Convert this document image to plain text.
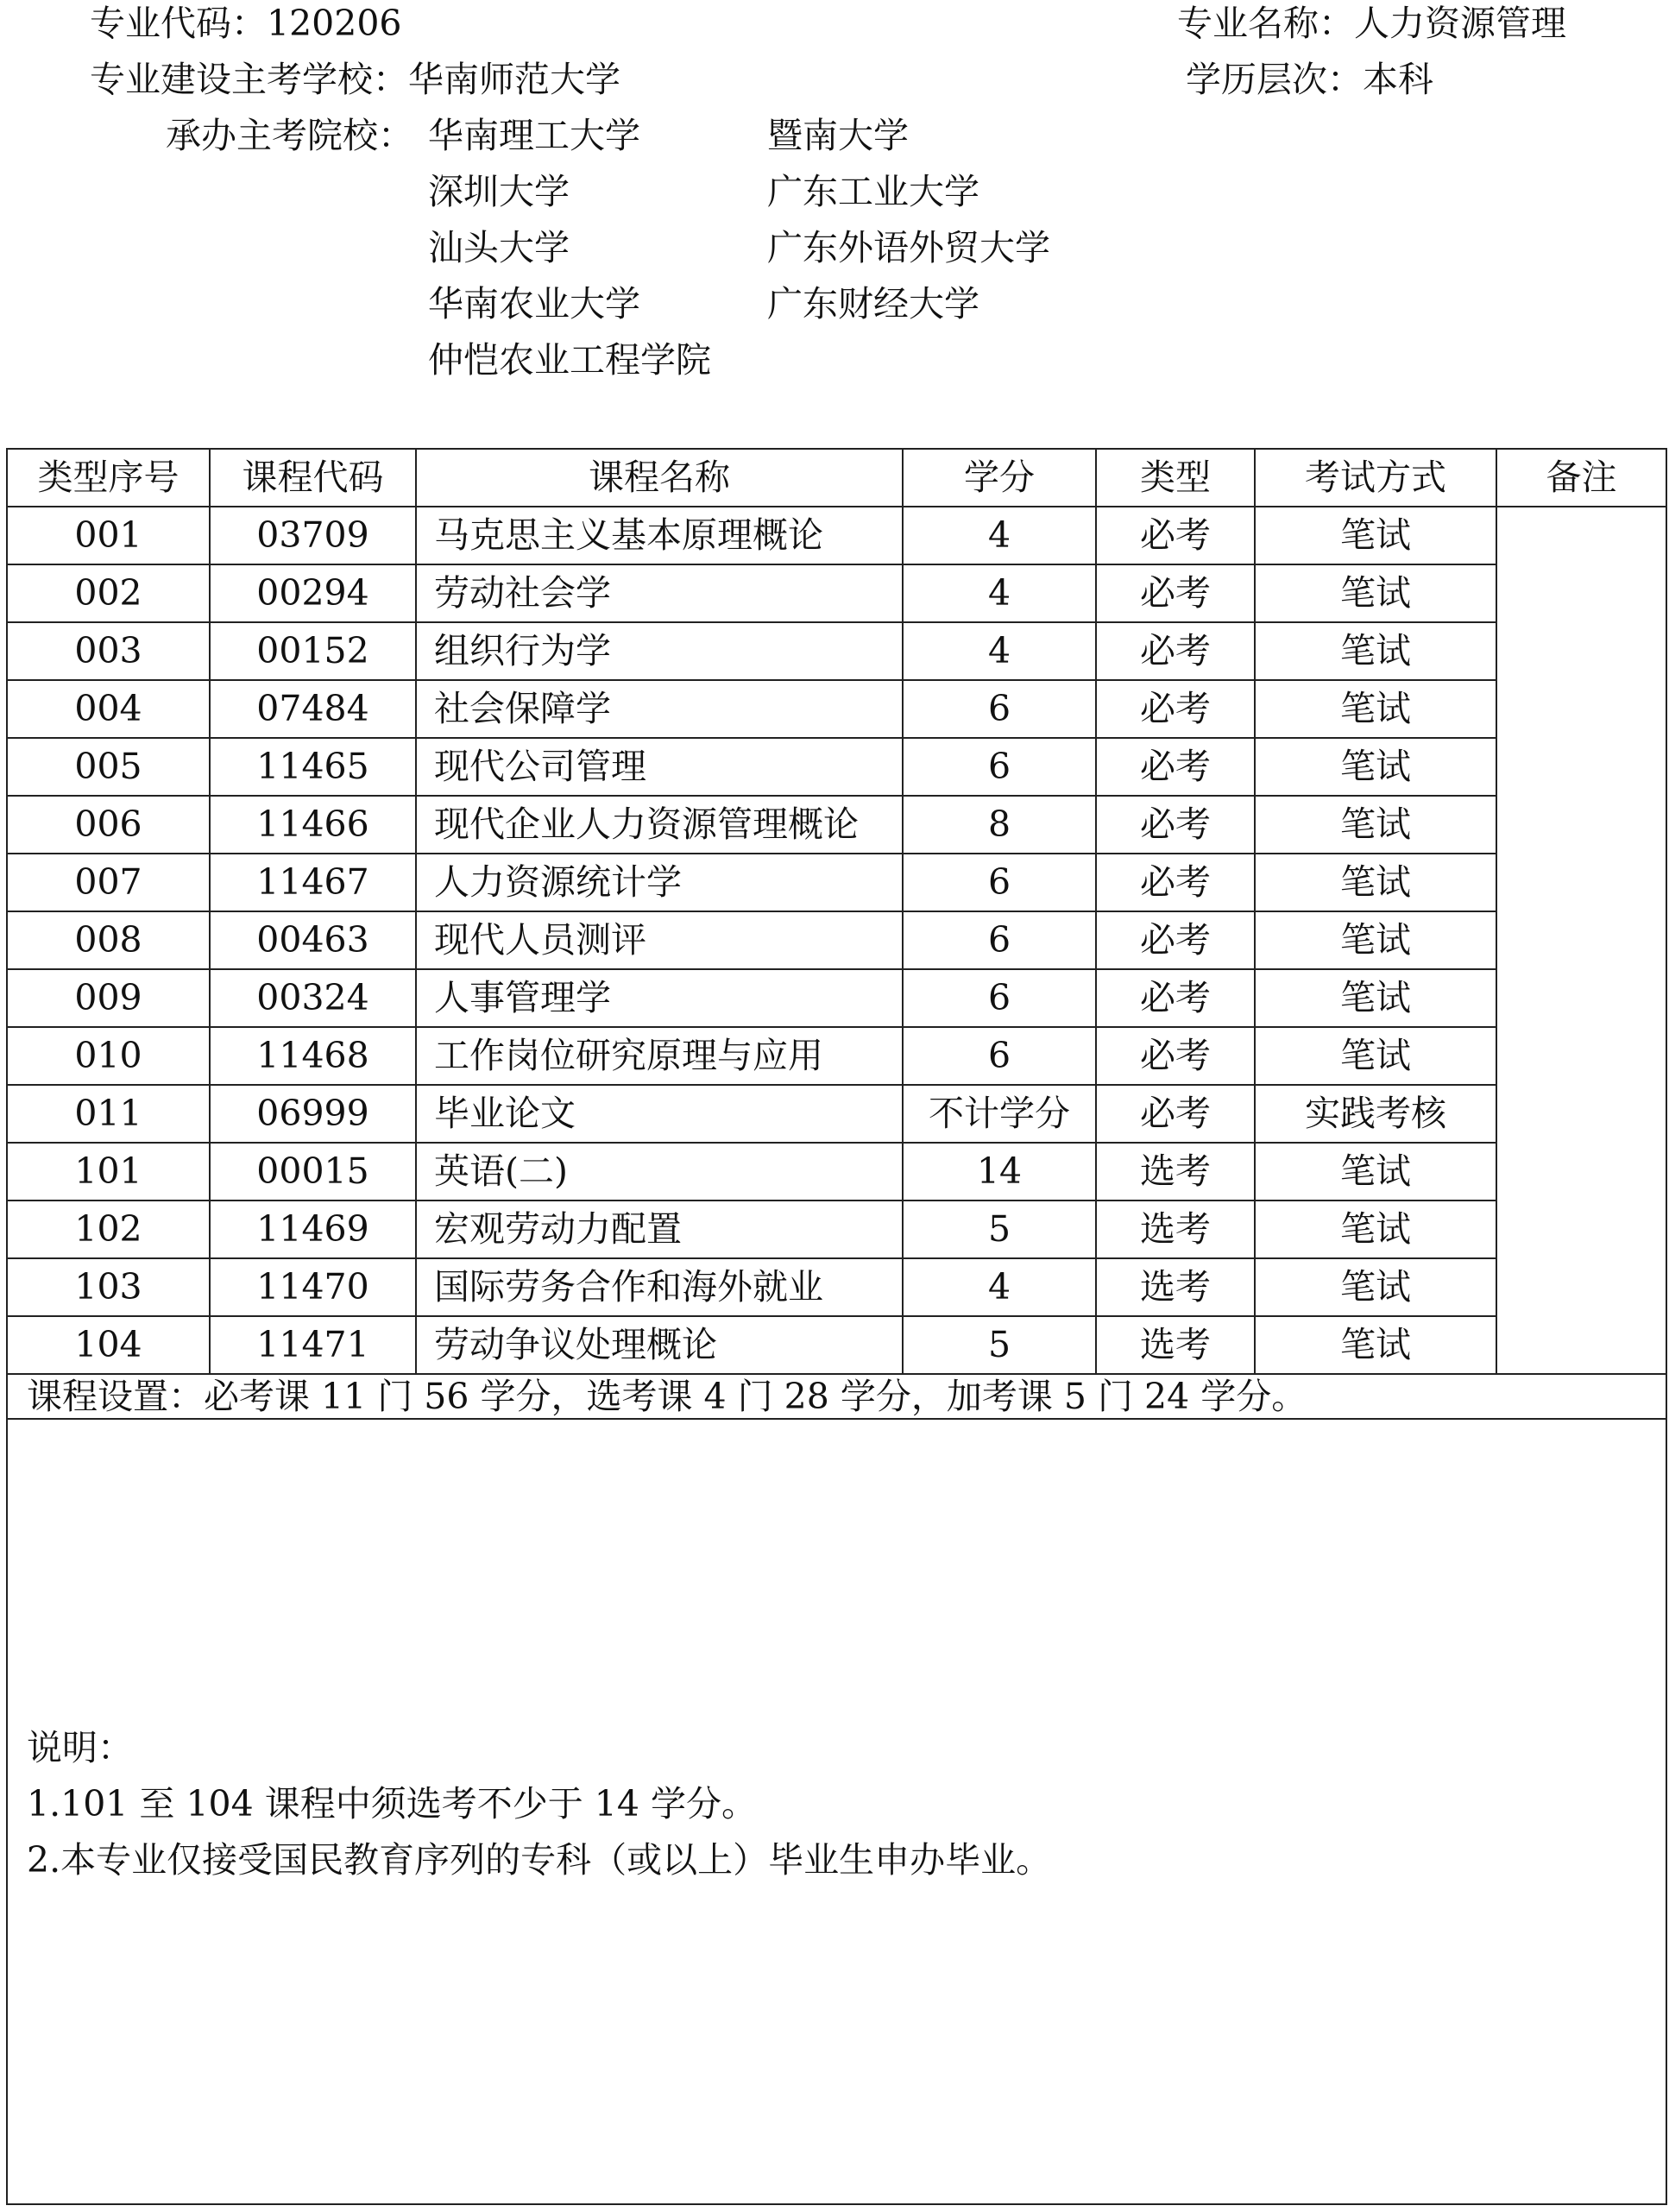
专业代码：120206	专业名称：人力资源管理
专业建设主考学校：华南师范大学	学历层次：本科
承办主考院校： 华南理工大学	暨南大学
深圳大学	广东工业大学
汕头大学	广东外语外贸大学
华南农业大学	广东财经大学
仲恺农业工程学院
类型序号	课程代码	课程名称	学分	类型	考试方式	备注
001	03709	马克思主义基本原理概论	4	必考	笔试	
002	00294	劳动社会学	4	必考	笔试	
003	00152	组织行为学	4	必考	笔试	
004	07484	社会保障学	6	必考	笔试	
005	11465	现代公司管理	6	必考	笔试	
006	11466	现代企业人力资源管理概论	8	必考	笔试	
007	11467	人力资源统计学	6	必考	笔试	
008	00463	现代人员测评	6	必考	笔试	
009	00324	人事管理学	6	必考	笔试	
010	11468	工作岗位研究原理与应用	6	必考	笔试	
011	06999	毕业论文	不计学分	必考	实践考核	
101	00015	英语(二)	14	选考	笔试	
102	11469	宏观劳动力配置	5	选考	笔试	
103	11470	国际劳务合作和海外就业	4	选考	笔试	
104	11471	劳动争议处理概论	5	选考	笔试	
课程设置：必考课 11 门 56 学分，选考课 4 门 28 学分，加考课 5 门 24 学分。						

说明：
1.101 至 104 课程中须选考不少于 14 学分。
2.本专业仅接受国民教育序列的专科（或以上）毕业生申办毕业。						
